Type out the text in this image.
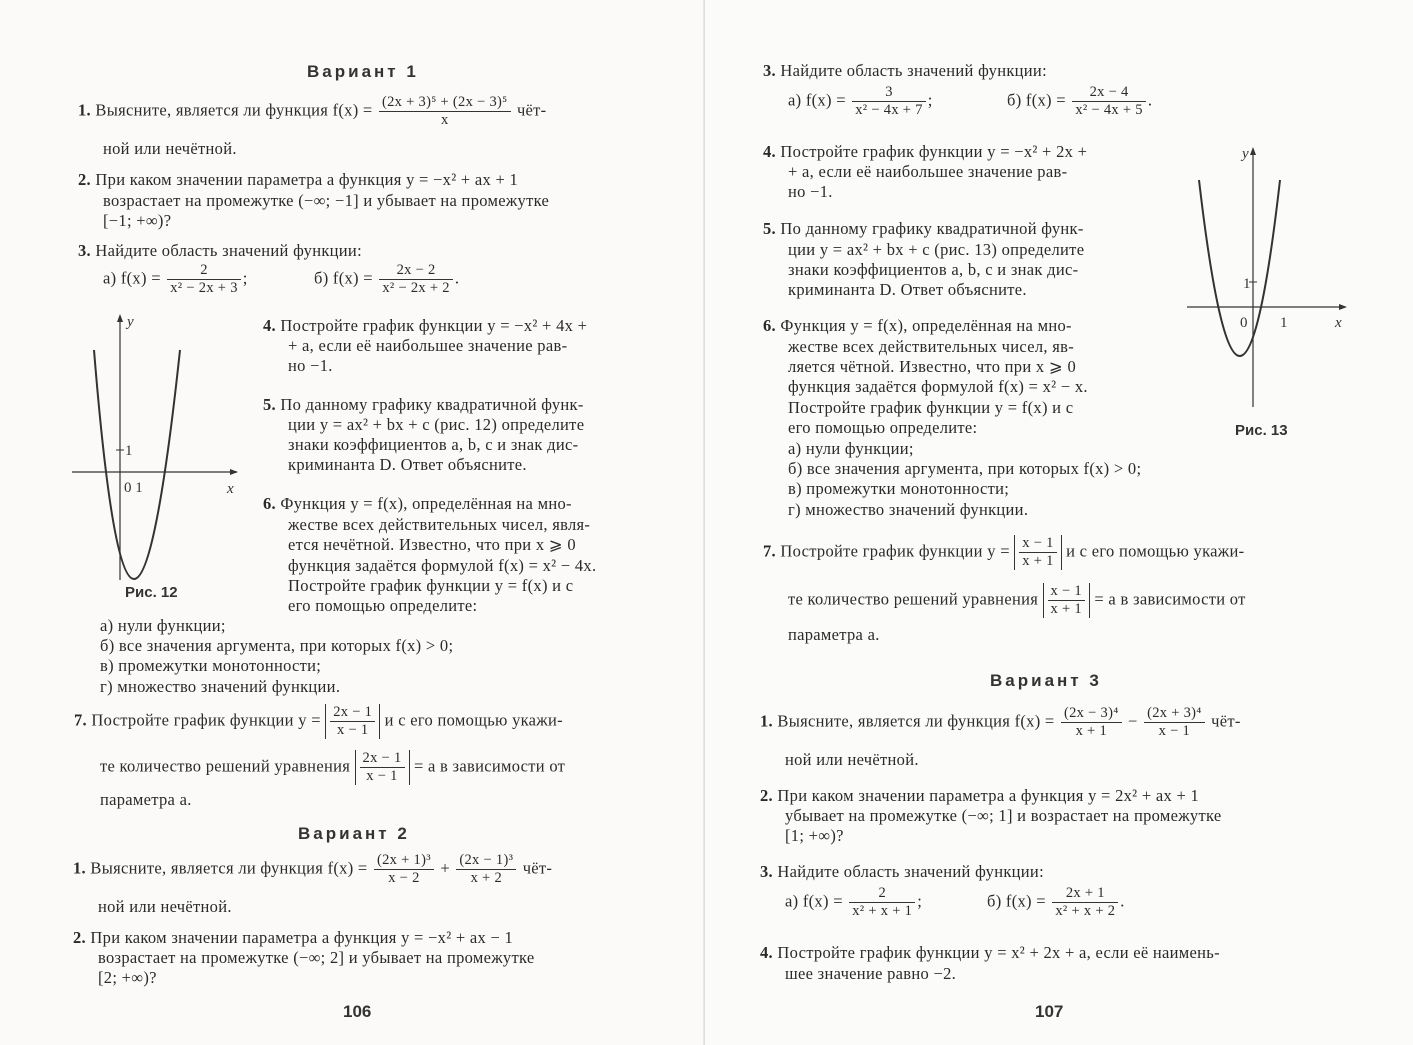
Вариант 1
1. Выясните, является ли функция $f(x) = \frac{\text{(2x + 3)⁵ + (2x − 3)⁵}}{x} чёт-$
ной или нечётной.
2. При каком значении параметра a функция y = −x² + ax + 1
возрастает на промежутке (−∞; −1] и убывает на промежутке
[−1; +∞)?
3. Найдите область значений функции:
а) $f(x) = \frac{2}{\text{x² − 2x + 3}}$ ;	б) $f(x) = \frac{2x - 2}{\text{x² − 2x + 2}}$ .
y
x
1
0 1
Рис. 12
4. Постройте график функции y = −x² + 4x +
+ a, если её наибольшее значение рав-
но −1.
5. По данному графику квадратичной функ-
ции y = ax² + bx + c (рис. 12) определите
знаки коэффициентов a, b, c и знак дис-
криминанта D. Ответ объясните.
6. Функция y = f(x), определённая на мно-
жестве всех действительных чисел, явля-
ется нечётной. Известно, что при x ⩾ 0
функция задаётся формулой f(x) = x² − 4x.
Постройте график функции y = f(x) и с
его помощью определите:
а) нули функции;
б) все значения аргумента, при которых f(x) > 0;
в) промежутки монотонности;
г) множество значений функции.
7. Постройте график функции $y = \frac{2x - 1}{x - 1}$ и с его помощью укажи-
те количество решений уравнения $\frac{2x - 1}{x - 1} = a$ в зависимости от
параметра a.
Вариант 2
1. Выясните, является ли функция $f(x) = \frac{\text{(2x + 1)³}}{x - 2} + \frac{\text{(2x − 1)³}}{x + 2} чёт-$
ной или нечётной.
2. При каком значении параметра a функция y = −x² + ax − 1
возрастает на промежутке (−∞; 2] и убывает на промежутке
[2; +∞)?
106
3. Найдите область значений функции:
а) $f(x) = \frac{3}{\text{x² − 4x + 7}}$ ;	б) $f(x) = \frac{2x - 4}{\text{x² − 4x + 5}}$ .
4. Постройте график функции y = −x² + 2x +
+ a, если её наибольшее значение рав-
но −1.
5. По данному графику квадратичной функ-
ции y = ax² + bx + c (рис. 13) определите
знаки коэффициентов a, b, c и знак дис-
криминанта D. Ответ объясните.
6. Функция y = f(x), определённая на мно-
жестве всех действительных чисел, яв-
ляется чётной. Известно, что при x ⩾ 0
функция задаётся формулой f(x) = x² − x.
Постройте график функции y = f(x) и с
его помощью определите:
а) нули функции;
б) все значения аргумента, при которых f(x) > 0;
в) промежутки монотонности;
г) множество значений функции.
y
x
1
0 1
Рис. 13
7. Постройте график функции $y = \frac{x - 1}{x + 1}$ и с его помощью укажи-
те количество решений уравнения $\frac{x - 1}{x + 1} = a$ в зависимости от
параметра a.
Вариант 3
1. Выясните, является ли функция $f(x) = \frac{\text{(2x − 3)⁴}}{x + 1} - \frac{\text{(2x + 3)⁴}}{x - 1} чёт-$
ной или нечётной.
2. При каком значении параметра a функция y = 2x² + ax + 1
убывает на промежутке (−∞; 1] и возрастает на промежутке
[1; +∞)?
3. Найдите область значений функции:
а) $f(x) = \frac{2}{\text{x² + x + 1}}$ ;	б) $f(x) = \frac{2x + 1}{\text{x² + x + 2}}$ .
4. Постройте график функции y = x² + 2x + a, если её наимень-
шее значение равно −2.
107
